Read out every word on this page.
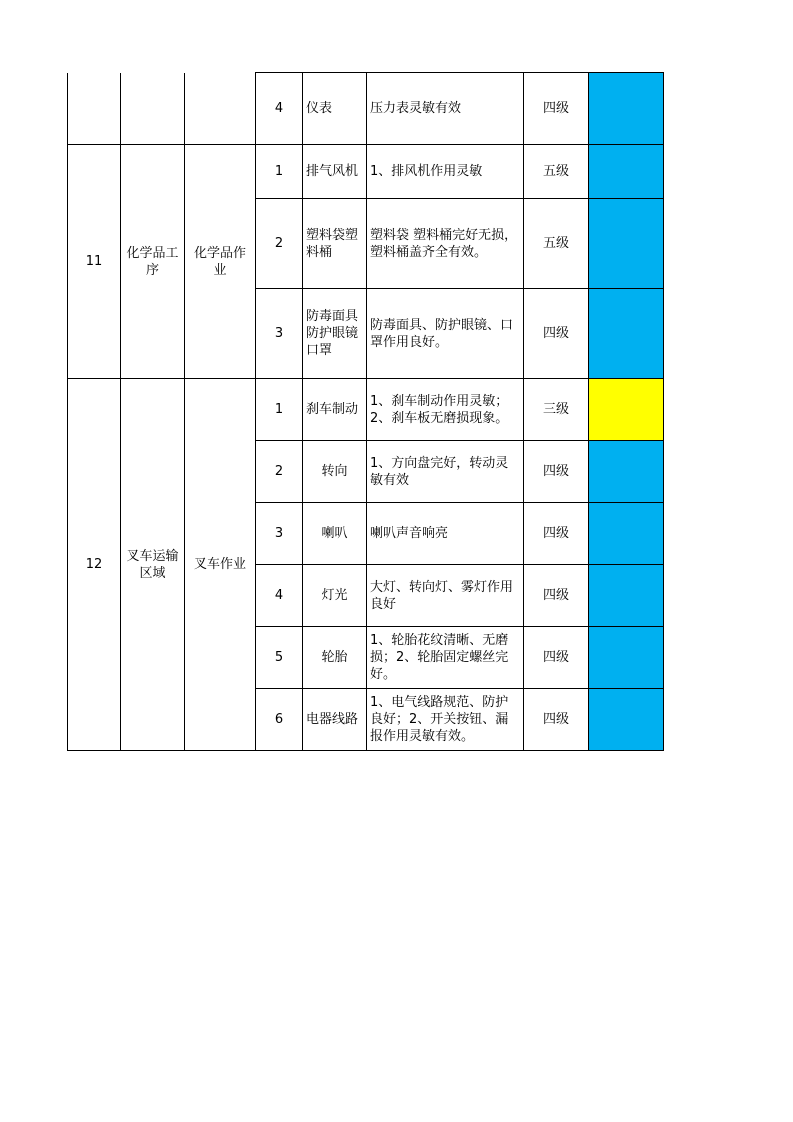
			4	仪表	压力表灵敏有效	四级	
11	化学品工序	化学品作业	1	排气风机	1、排风机作用灵敏	五级	
			2	塑料袋塑料桶	塑料袋 塑料桶完好无损，塑料桶盖齐全有效。	五级	
			3	防毒面具 防护眼镜口罩	防毒面具、防护眼镜、口罩作用良好。	四级	
12	叉车运输区域	叉车作业	1	刹车制动	1、刹车制动作用灵敏；2、刹车板无磨损现象。	三级	
			2	转向	1、方向盘完好，转动灵敏有效	四级	
			3	喇叭	喇叭声音响亮	四级	
			4	灯光	大灯、转向灯、雾灯作用良好	四级	
			5	轮胎	1、轮胎花纹清晰、无磨损；2、轮胎固定螺丝完好。	四级	
			6	电器线路	1、电气线路规范、防护良好；2、开关按钮、漏报作用灵敏有效。	四级	
